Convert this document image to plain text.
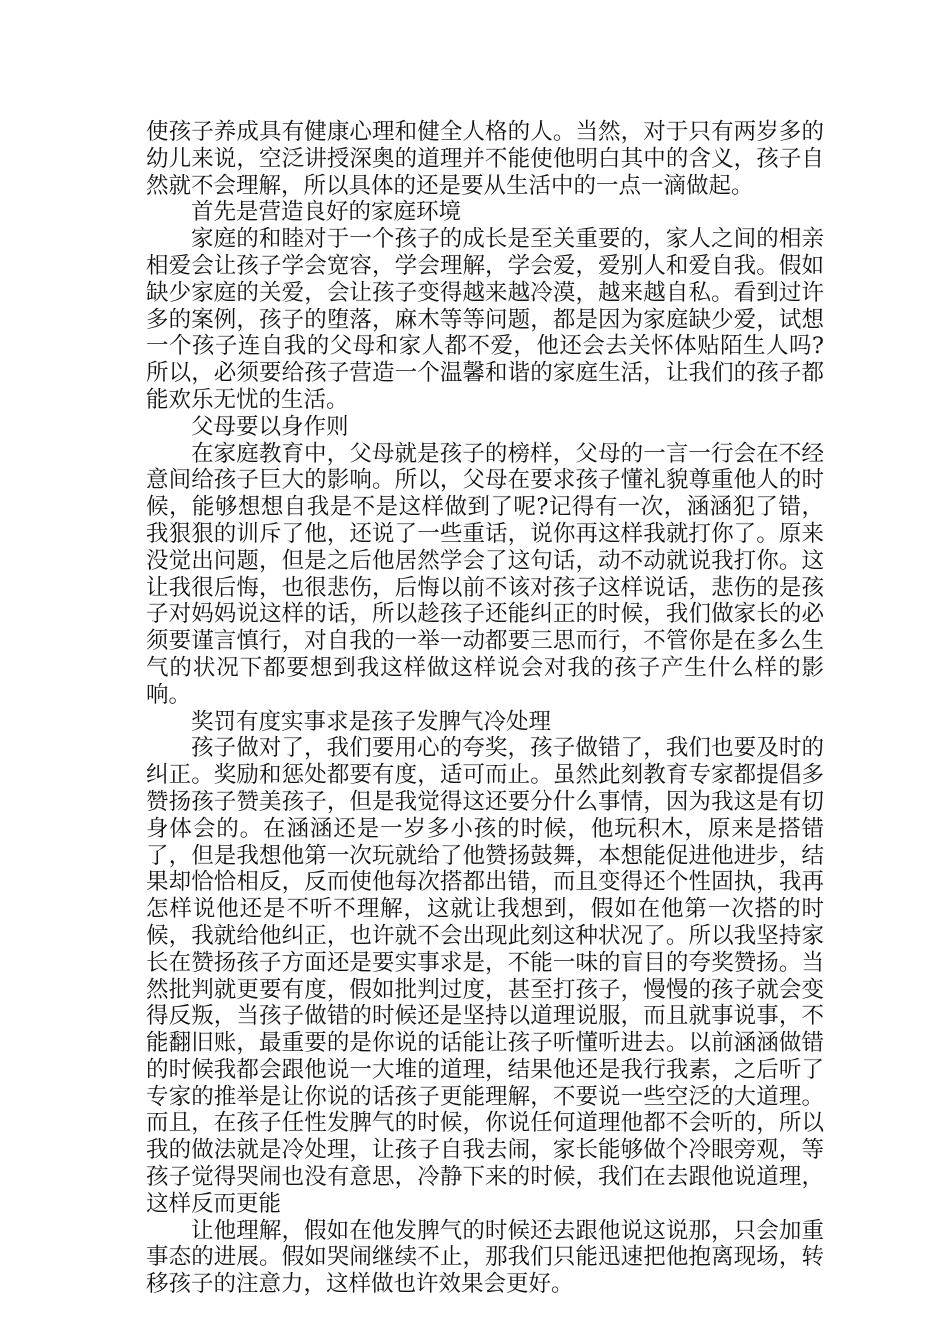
使孩子养成具有健康心理和健全人格的人。当然，对于只有两岁多的幼儿来说，空泛讲授深奥的道理并不能使他明白其中的含义，孩子自然就不会理解，所以具体的还是要从生活中的一点一滴做起。

首先是营造良好的家庭环境

家庭的和睦对于一个孩子的成长是至关重要的，家人之间的相亲相爱会让孩子学会宽容，学会理解，学会爱，爱别人和爱自我。假如缺少家庭的关爱，会让孩子变得越来越冷漠，越来越自私。看到过许多的案例，孩子的堕落，麻木等等问题，都是因为家庭缺少爱，试想一个孩子连自我的父母和家人都不爱，他还会去关怀体贴陌生人吗?所以，必须要给孩子营造一个温馨和谐的家庭生活，让我们的孩子都能欢乐无忧的生活。

父母要以身作则

在家庭教育中，父母就是孩子的榜样，父母的一言一行会在不经意间给孩子巨大的影响。所以，父母在要求孩子懂礼貌尊重他人的时候，能够想想自我是不是这样做到了呢?记得有一次，涵涵犯了错，我狠狠的训斥了他，还说了一些重话，说你再这样我就打你了。原来没觉出问题，但是之后他居然学会了这句话，动不动就说我打你。这让我很后悔，也很悲伤，后悔以前不该对孩子这样说话，悲伤的是孩子对妈妈说这样的话，所以趁孩子还能纠正的时候，我们做家长的必须要谨言慎行，对自我的一举一动都要三思而行，不管你是在多么生气的状况下都要想到我这样做这样说会对我的孩子产生什么样的影响。

奖罚有度实事求是孩子发脾气冷处理

孩子做对了，我们要用心的夸奖，孩子做错了，我们也要及时的纠正。奖励和惩处都要有度，适可而止。虽然此刻教育专家都提倡多赞扬孩子赞美孩子，但是我觉得这还要分什么事情，因为我这是有切身体会的。在涵涵还是一岁多小孩的时候，他玩积木，原来是搭错了，但是我想他第一次玩就给了他赞扬鼓舞，本想能促进他进步，结果却恰恰相反，反而使他每次搭都出错，而且变得还个性固执，我再怎样说他还是不听不理解，这就让我想到，假如在他第一次搭的时候，我就给他纠正，也许就不会出现此刻这种状况了。所以我坚持家长在赞扬孩子方面还是要实事求是，不能一味的盲目的夸奖赞扬。当然批判就更要有度，假如批判过度，甚至打孩子，慢慢的孩子就会变得反叛，当孩子做错的时候还是坚持以道理说服，而且就事说事，不能翻旧账，最重要的是你说的话能让孩子听懂听进去。以前涵涵做错的时候我都会跟他说一大堆的道理，结果他还是我行我素，之后听了专家的推举是让你说的话孩子更能理解，不要说一些空泛的大道理。而且，在孩子任性发脾气的时候，你说任何道理他都不会听的，所以我的做法就是冷处理，让孩子自我去闹，家长能够做个冷眼旁观，等孩子觉得哭闹也没有意思，冷静下来的时候，我们在去跟他说道理，这样反而更能

让他理解，假如在他发脾气的时候还去跟他说这说那，只会加重事态的进展。假如哭闹继续不止，那我们只能迅速把他抱离现场，转移孩子的注意力，这样做也许效果会更好。
